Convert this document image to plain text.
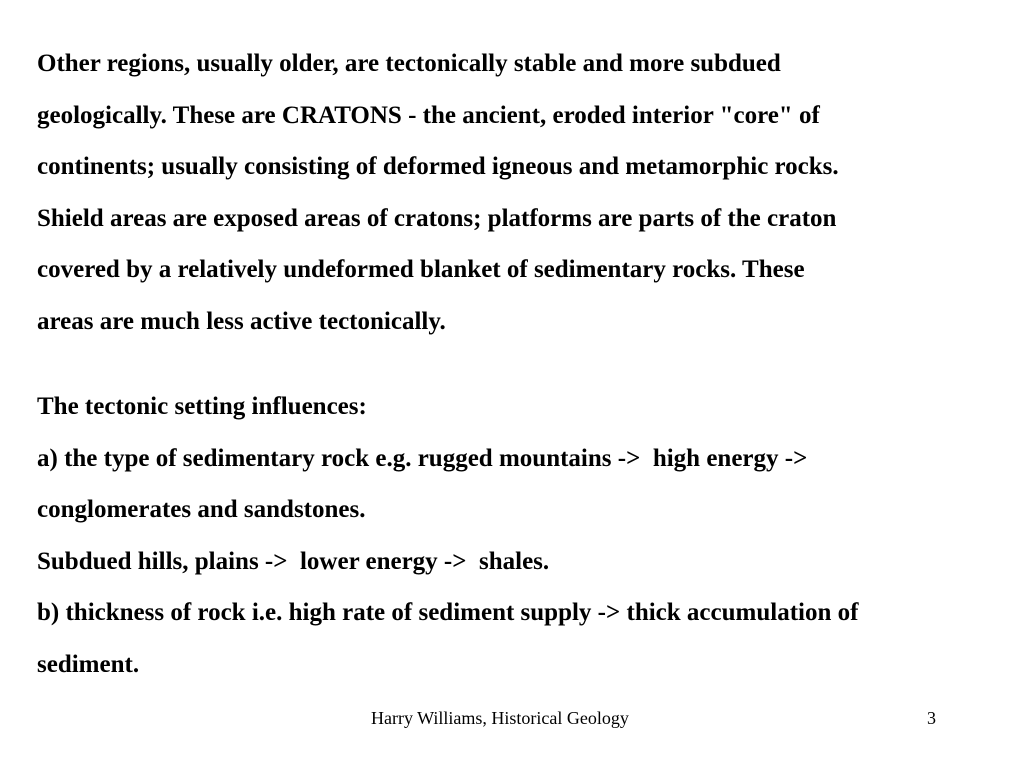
Other regions, usually older, are tectonically stable and more subdued
geologically. These are CRATONS - the ancient, eroded interior "core" of
continents; usually consisting of deformed igneous and metamorphic rocks.
Shield areas are exposed areas of cratons; platforms are parts of the craton
covered by a relatively undeformed blanket of sedimentary rocks. These
areas are much less active tectonically.

The tectonic setting influences:
a) the type of sedimentary rock e.g. rugged mountains ->  high energy ->
conglomerates and sandstones.
Subdued hills, plains ->  lower energy ->  shales.
b) thickness of rock i.e. high rate of sediment supply -> thick accumulation of
sediment.

Harry Williams, Historical Geology	3
